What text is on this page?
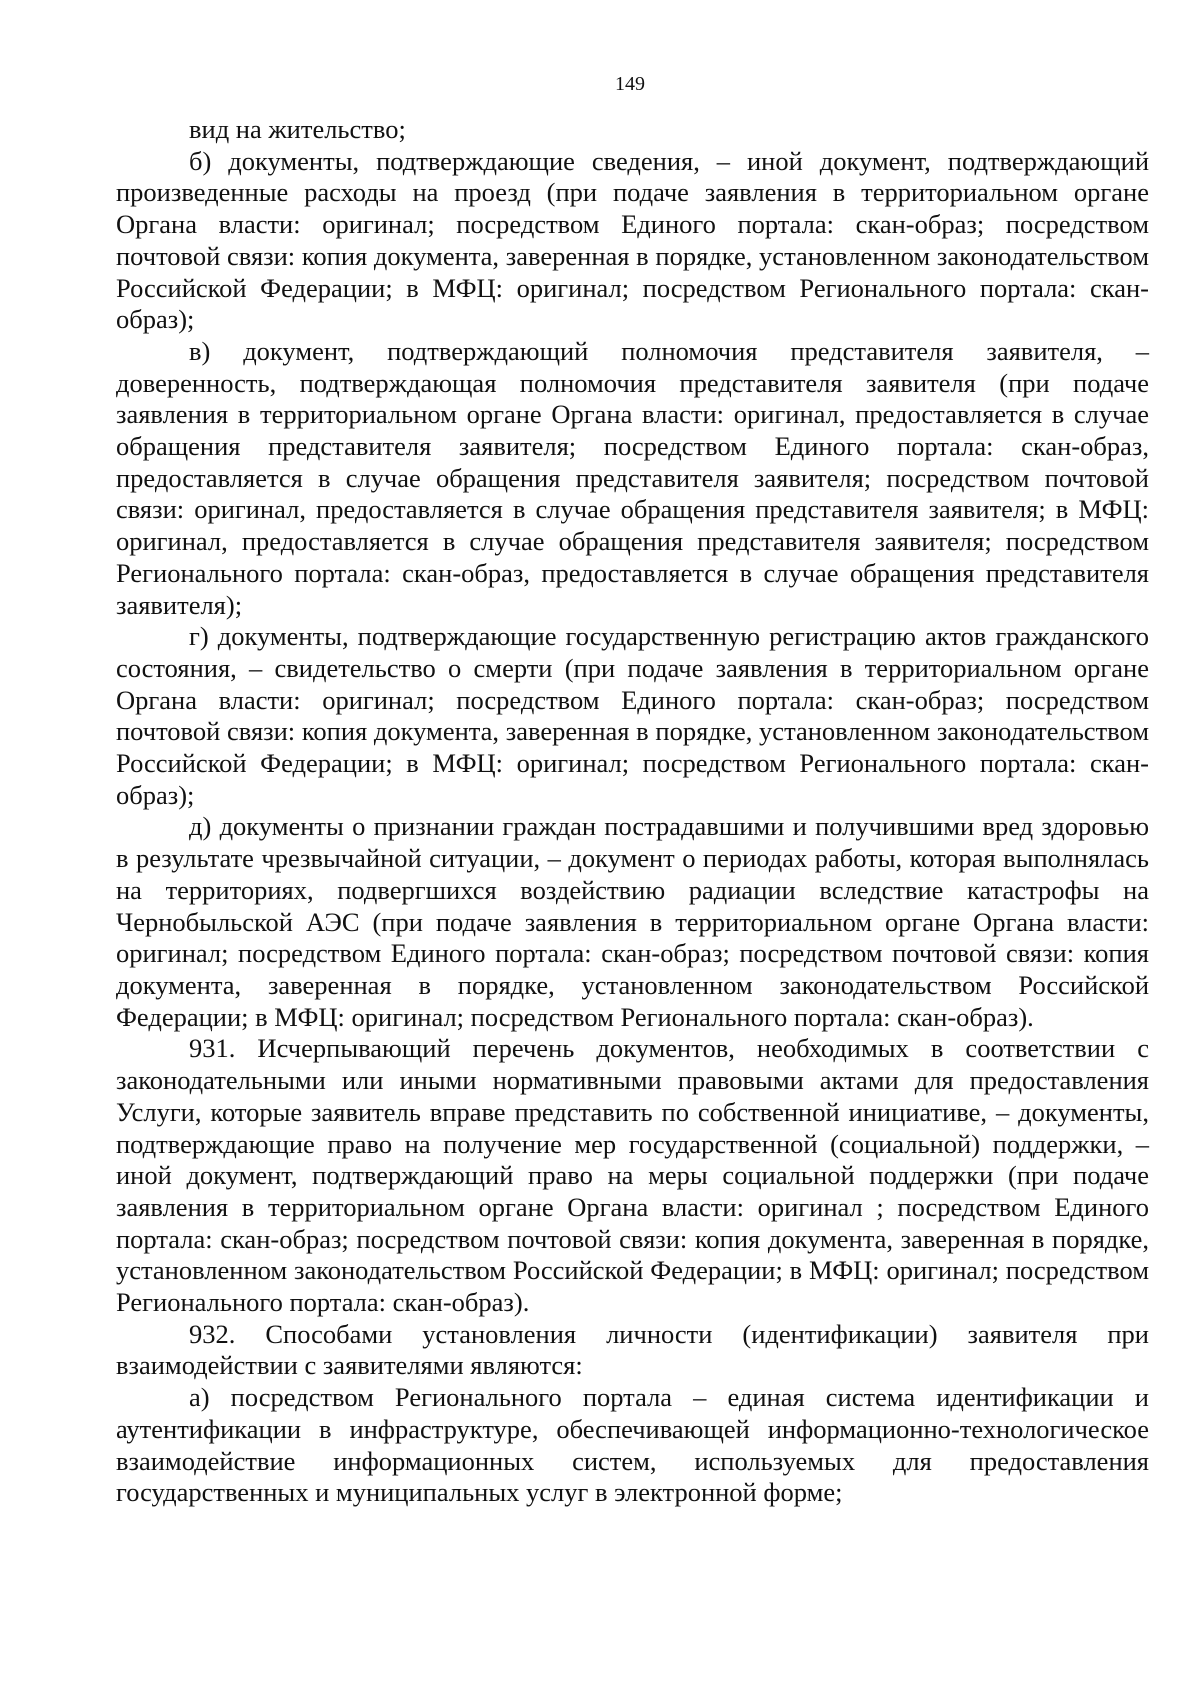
149

вид на жительство;

б) документы, подтверждающие сведения, – иной документ, подтверждающий произведенные расходы на проезд (при подаче заявления в территориальном органе Органа власти: оригинал; посредством Единого портала: скан-образ; посредством почтовой связи: копия документа, заверенная в порядке, установленном законодательством Российской Федерации; в МФЦ: оригинал; посредством Регионального портала: скан-образ);

в) документ, подтверждающий полномочия представителя заявителя, – доверенность, подтверждающая полномочия представителя заявителя (при подаче заявления в территориальном органе Органа власти: оригинал, предоставляется в случае обращения представителя заявителя; посредством Единого портала: скан-образ, предоставляется в случае обращения представителя заявителя; посредством почтовой связи: оригинал, предоставляется в случае обращения представителя заявителя; в МФЦ: оригинал, предоставляется в случае обращения представителя заявителя; посредством Регионального портала: скан-образ, предоставляется в случае обращения представителя заявителя);

г) документы, подтверждающие государственную регистрацию актов гражданского состояния, – свидетельство о смерти (при подаче заявления в территориальном органе Органа власти: оригинал; посредством Единого портала: скан-образ; посредством почтовой связи: копия документа, заверенная в порядке, установленном законодательством Российской Федерации; в МФЦ: оригинал; посредством Регионального портала: скан-образ);

д) документы о признании граждан пострадавшими и получившими вред здоровью в результате чрезвычайной ситуации, – документ о периодах работы, которая выполнялась на территориях, подвергшихся воздействию радиации вследствие катастрофы на Чернобыльской АЭС (при подаче заявления в территориальном органе Органа власти: оригинал; посредством Единого портала: скан-образ; посредством почтовой связи: копия документа, заверенная в порядке, установленном законодательством Российской Федерации; в МФЦ: оригинал; посредством Регионального портала: скан-образ).

931. Исчерпывающий перечень документов, необходимых в соответствии с законодательными или иными нормативными правовыми актами для предоставления Услуги, которые заявитель вправе представить по собственной инициативе, – документы, подтверждающие право на получение мер государственной (социальной) поддержки, – иной документ, подтверждающий право на меры социальной поддержки (при подаче заявления в территориальном органе Органа власти: оригинал ; посредством Единого портала: скан-образ; посредством почтовой связи: копия документа, заверенная в порядке, установленном законодательством Российской Федерации; в МФЦ: оригинал; посредством Регионального портала: скан-образ).

932. Способами установления личности (идентификации) заявителя при взаимодействии с заявителями являются:

а) посредством Регионального портала – единая система идентификации и аутентификации в инфраструктуре, обеспечивающей информационно-технологическое взаимодействие информационных систем, используемых для предоставления государственных и муниципальных услуг в электронной форме;
